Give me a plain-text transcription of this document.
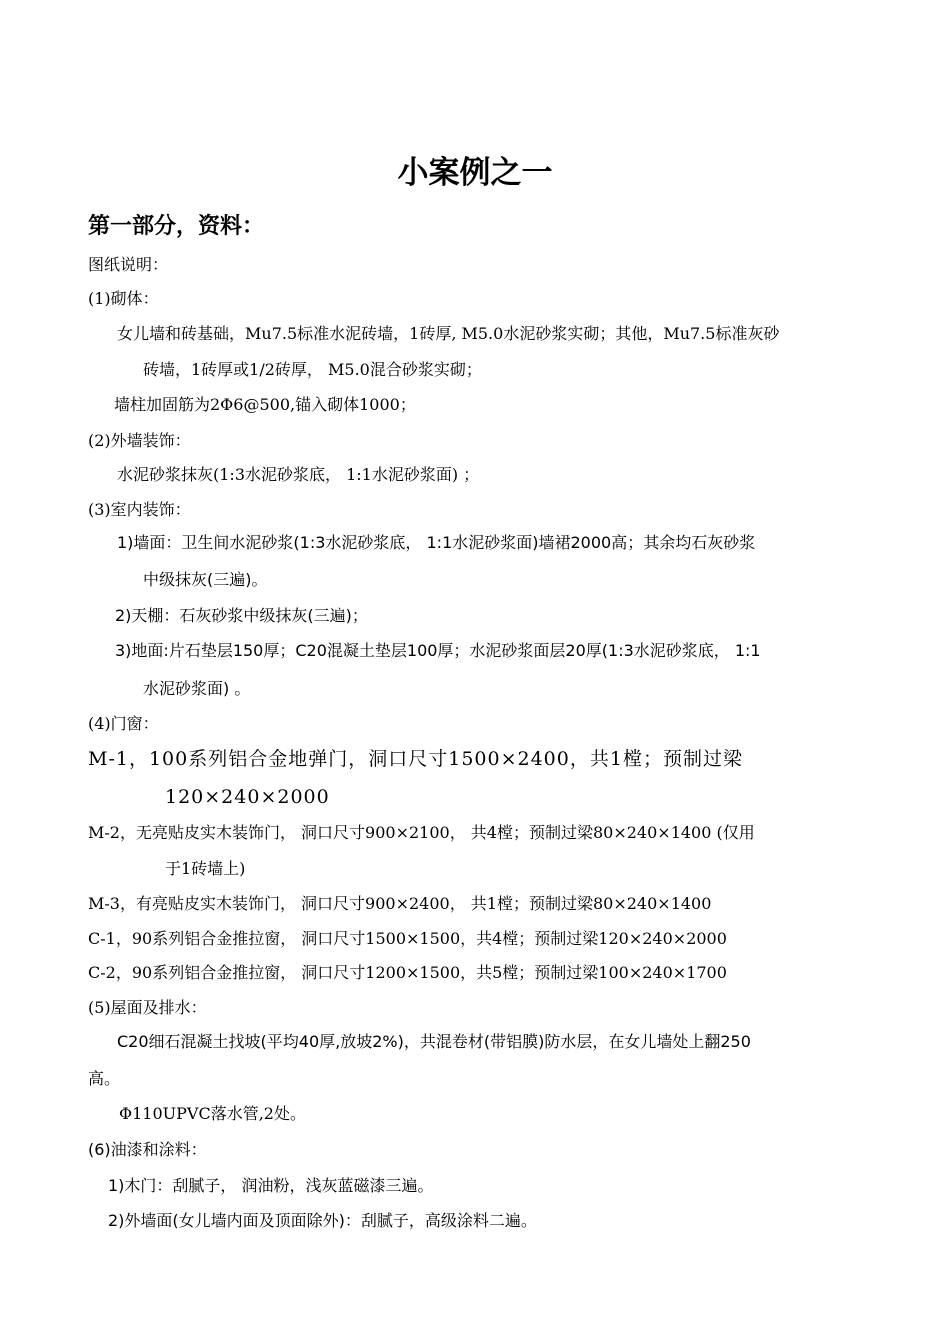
小案例之一
第一部分，资料：
图纸说明：
(1)砌体：
女儿墙和砖基础，Mu7.5标准水泥砖墙，1砖厚, M5.0水泥砂浆实砌；其他，Mu7.5标准灰砂
砖墙，1砖厚或1/2砖厚， M5.0混合砂浆实砌；
墙柱加固筋为2Φ6@500,锚入砌体1000；
(2)外墙装饰：
水泥砂浆抹灰(1:3水泥砂浆底， 1:1水泥砂浆面) ；
(3)室内装饰：
1)墙面：卫生间水泥砂浆(1:3水泥砂浆底， 1:1水泥砂浆面)墙裙2000高；其余均石灰砂浆
中级抹灰(三遍)。
2)天棚：石灰砂浆中级抹灰(三遍)；
3)地面:片石垫层150厚；C20混凝土垫层100厚；水泥砂浆面层20厚(1:3水泥砂浆底， 1:1
水泥砂浆面) 。
(4)门窗：
M-1，100系列铝合金地弹门，洞口尺寸1500×2400，共1樘；预制过梁
120×240×2000
M-2，无亮贴皮实木装饰门， 洞口尺寸900×2100， 共4樘；预制过梁80×240×1400 (仅用
于1砖墙上)
M-3，有亮贴皮实木装饰门， 洞口尺寸900×2400， 共1樘；预制过梁80×240×1400
C-1，90系列铝合金推拉窗， 洞口尺寸1500×1500，共4樘；预制过梁120×240×2000
C-2，90系列铝合金推拉窗， 洞口尺寸1200×1500，共5樘；预制过梁100×240×1700
(5)屋面及排水：
C20细石混凝土找坡(平均40厚,放坡2%)，共混卷材(带铝膜)防水层，在女儿墙处上翻250
高。
Φ110UPVC落水管,2处。
(6)油漆和涂料：
1)木门：刮腻子， 润油粉，浅灰蓝磁漆三遍。
2)外墙面(女儿墙内面及顶面除外)：刮腻子，高级涂料二遍。
